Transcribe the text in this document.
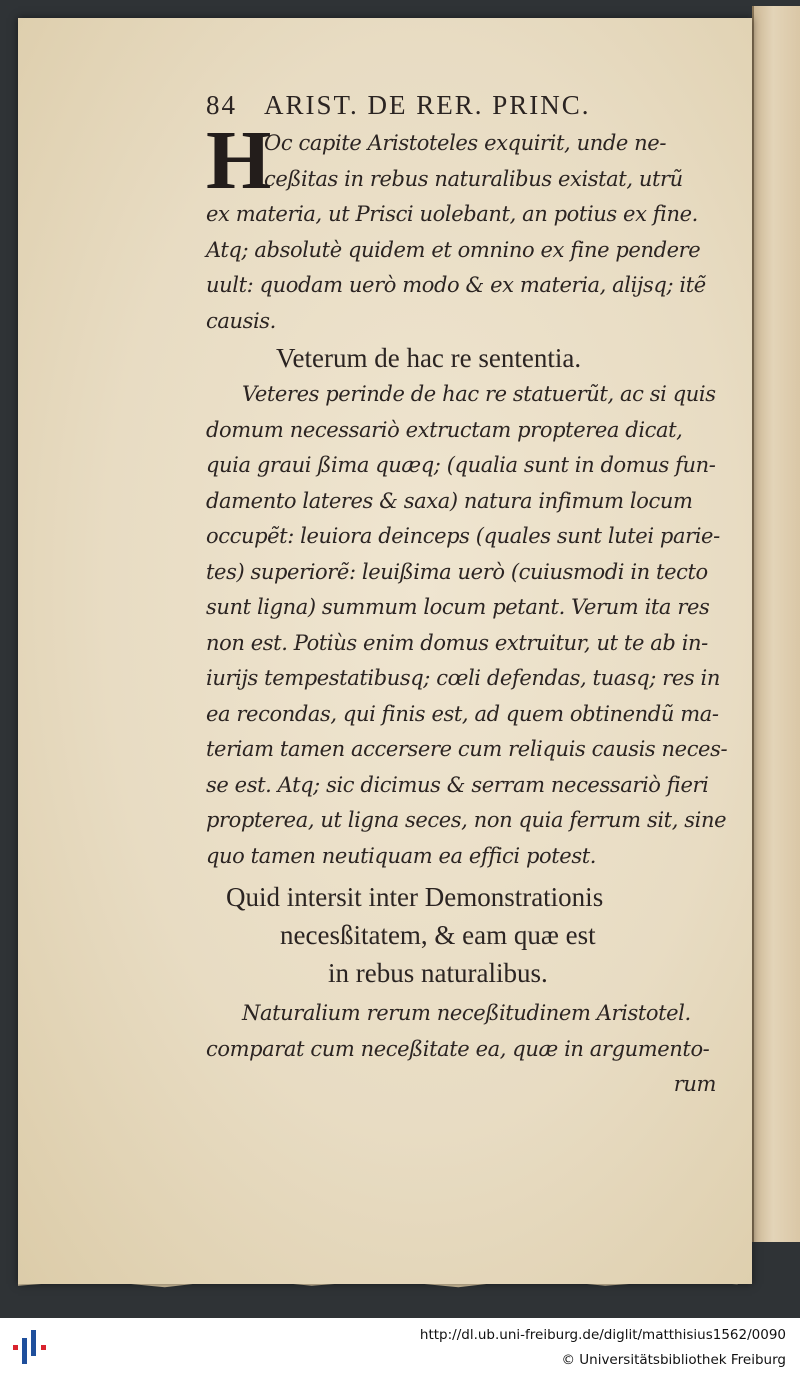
84 ARIST. DE RER. PRINC.
H
Oc capite Aristoteles exquirit, unde ne-
ceßitas in rebus naturalibus existat, utrũ
ex materia, ut Prisci uolebant, an potius ex fine.
Atq; absolutè quidem et omnino ex fine pendere
uult: quodam uerò modo & ex materia, alijsq; itẽ
causis.
Veterum de hac re sententia.
Veteres perinde de hac re statuerũt, ac si quis
domum necessariò extructam propterea dicat,
quia graui ßima quæq; (qualia sunt in domus fun-
damento lateres & saxa) natura infimum locum
occupẽt: leuiora deinceps (quales sunt lutei parie-
tes) superiorẽ: leuißima uerò (cuiusmodi in tecto
sunt ligna) summum locum petant. Verum ita res
non est. Potiùs enim domus extruitur, ut te ab in-
iurijs tempestatibusq; cœli defendas, tuasq; res in
ea recondas, qui finis est, ad quem obtinendũ ma-
teriam tamen accersere cum reliquis causis neces-
se est. Atq; sic dicimus & serram necessariò fieri
propterea, ut ligna seces, non quia ferrum sit, sine
quo tamen neutiquam ea effici potest.
Quid intersit inter Demonstrationis
necesßitatem, & eam quæ est
in rebus naturalibus.
Naturalium rerum neceßitudinem Aristotel.
comparat cum neceßitate ea, quæ in argumento-
rum
http://dl.ub.uni-freiburg.de/diglit/matthisius1562/0090
© Universitätsbibliothek Freiburg
